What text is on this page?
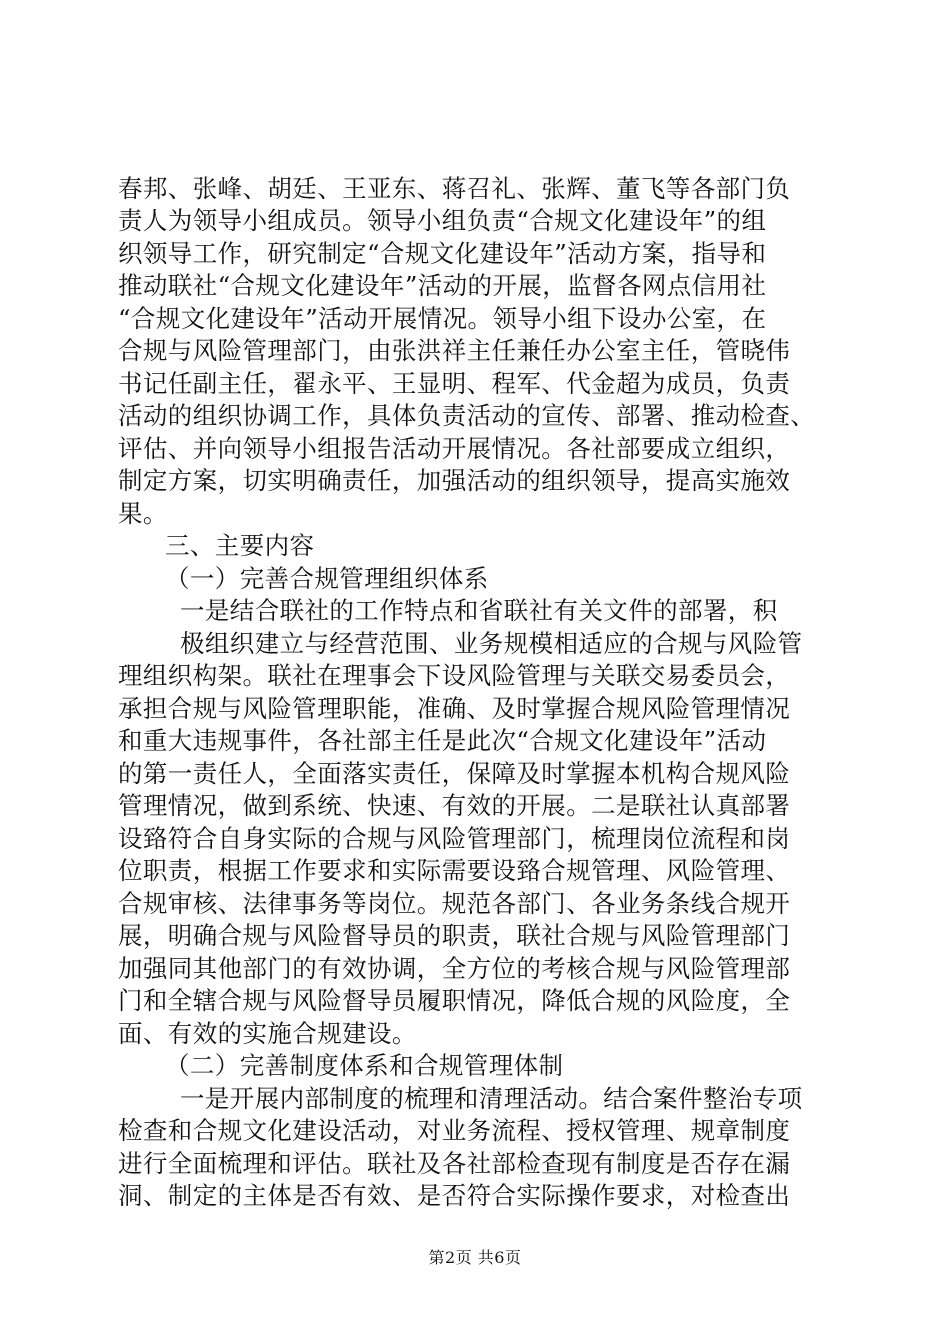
春邦、张峰、胡廷、王亚东、蒋召礼、张辉、董飞等各部门负
责人为领导小组成员。领导小组负责“合规文化建设年”的组
织领导工作，研究制定“合规文化建设年”活动方案，指导和
推动联社“合规文化建设年”活动的开展，监督各网点信用社
“合规文化建设年”活动开展情况。领导小组下设办公室，在
合规与风险管理部门，由张洪祥主任兼任办公室主任，管晓伟
书记任副主任，翟永平、王显明、程军、代金超为成员，负责
活动的组织协调工作，具体负责活动的宣传、部署、推动检查、
评估、并向领导小组报告活动开展情况。各社部要成立组织，
制定方案，切实明确责任，加强活动的组织领导，提高实施效
果。
三、主要内容
（一）完善合规管理组织体系
一是结合联社的工作特点和省联社有关文件的部署，积
极组织建立与经营范围、业务规模相适应的合规与风险管
理组织构架。联社在理事会下设风险管理与关联交易委员会，
承担合规与风险管理职能，准确、及时掌握合规风险管理情况
和重大违规事件，各社部主任是此次“合规文化建设年”活动
的第一责任人，全面落实责任，保障及时掌握本机构合规风险
管理情况，做到系统、快速、有效的开展。二是联社认真部署
设臵符合自身实际的合规与风险管理部门，梳理岗位流程和岗
位职责，根据工作要求和实际需要设臵合规管理、风险管理、
合规审核、法律事务等岗位。规范各部门、各业务条线合规开
展，明确合规与风险督导员的职责，联社合规与风险管理部门
加强同其他部门的有效协调，全方位的考核合规与风险管理部
门和全辖合规与风险督导员履职情况，降低合规的风险度，全
面、有效的实施合规建设。
（二）完善制度体系和合规管理体制
一是开展内部制度的梳理和清理活动。结合案件整治专项
检查和合规文化建设活动，对业务流程、授权管理、规章制度
进行全面梳理和评估。联社及各社部检查现有制度是否存在漏
洞、制定的主体是否有效、是否符合实际操作要求，对检查出
第2页 共6页
